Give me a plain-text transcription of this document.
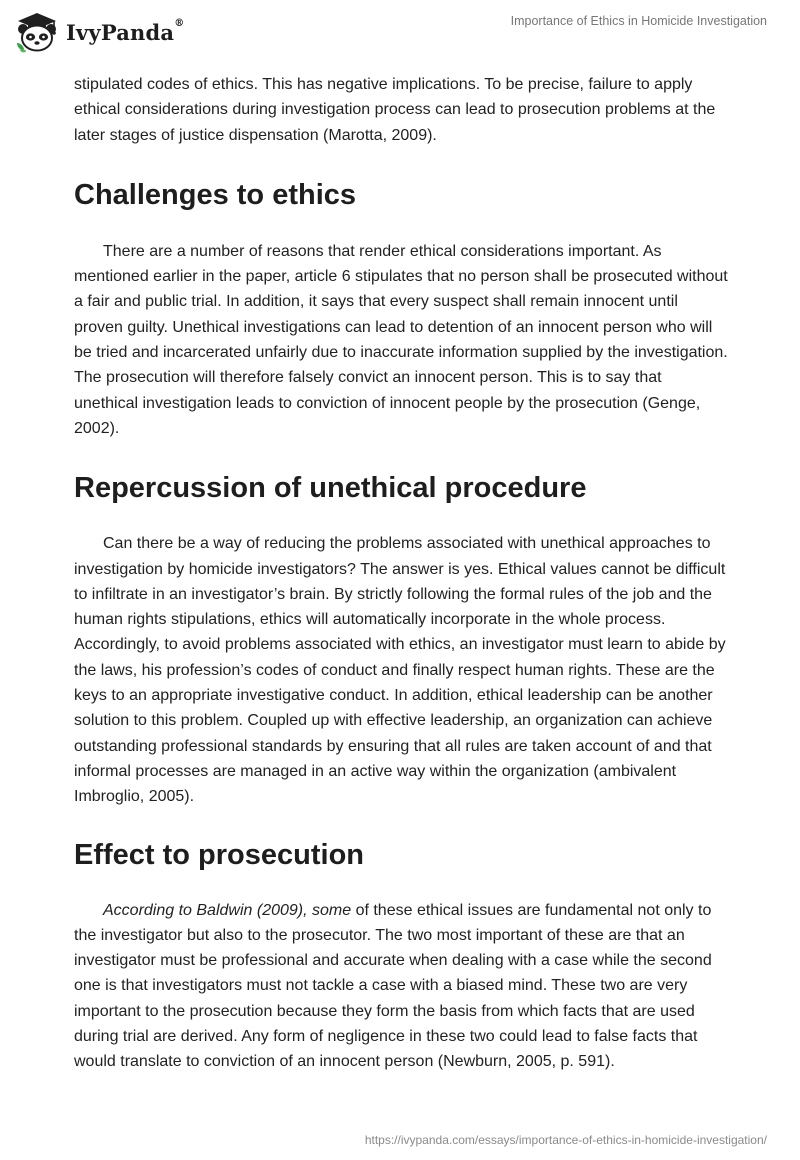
IvyPanda®	Importance of Ethics in Homicide Investigation

stipulated codes of ethics. This has negative implications. To be precise, failure to apply ethical considerations during investigation process can lead to prosecution problems at the later stages of justice dispensation (Marotta, 2009).

Challenges to ethics

There are a number of reasons that render ethical considerations important. As mentioned earlier in the paper, article 6 stipulates that no person shall be prosecuted without a fair and public trial. In addition, it says that every suspect shall remain innocent until proven guilty. Unethical investigations can lead to detention of an innocent person who will be tried and incarcerated unfairly due to inaccurate information supplied by the investigation. The prosecution will therefore falsely convict an innocent person. This is to say that unethical investigation leads to conviction of innocent people by the prosecution (Genge, 2002).

Repercussion of unethical procedure

Can there be a way of reducing the problems associated with unethical approaches to investigation by homicide investigators? The answer is yes. Ethical values cannot be difficult to infiltrate in an investigator’s brain. By strictly following the formal rules of the job and the human rights stipulations, ethics will automatically incorporate in the whole process. Accordingly, to avoid problems associated with ethics, an investigator must learn to abide by the laws, his profession’s codes of conduct and finally respect human rights. These are the keys to an appropriate investigative conduct. In addition, ethical leadership can be another solution to this problem. Coupled up with effective leadership, an organization can achieve outstanding professional standards by ensuring that all rules are taken account of and that informal processes are managed in an active way within the organization (ambivalent Imbroglio, 2005).

Effect to prosecution

According to Baldwin (2009), some of these ethical issues are fundamental not only to the investigator but also to the prosecutor. The two most important of these are that an investigator must be professional and accurate when dealing with a case while the second one is that investigators must not tackle a case with a biased mind. These two are very important to the prosecution because they form the basis from which facts that are used during trial are derived. Any form of negligence in these two could lead to false facts that would translate to conviction of an innocent person (Newburn, 2005, p. 591).

https://ivypanda.com/essays/importance-of-ethics-in-homicide-investigation/
